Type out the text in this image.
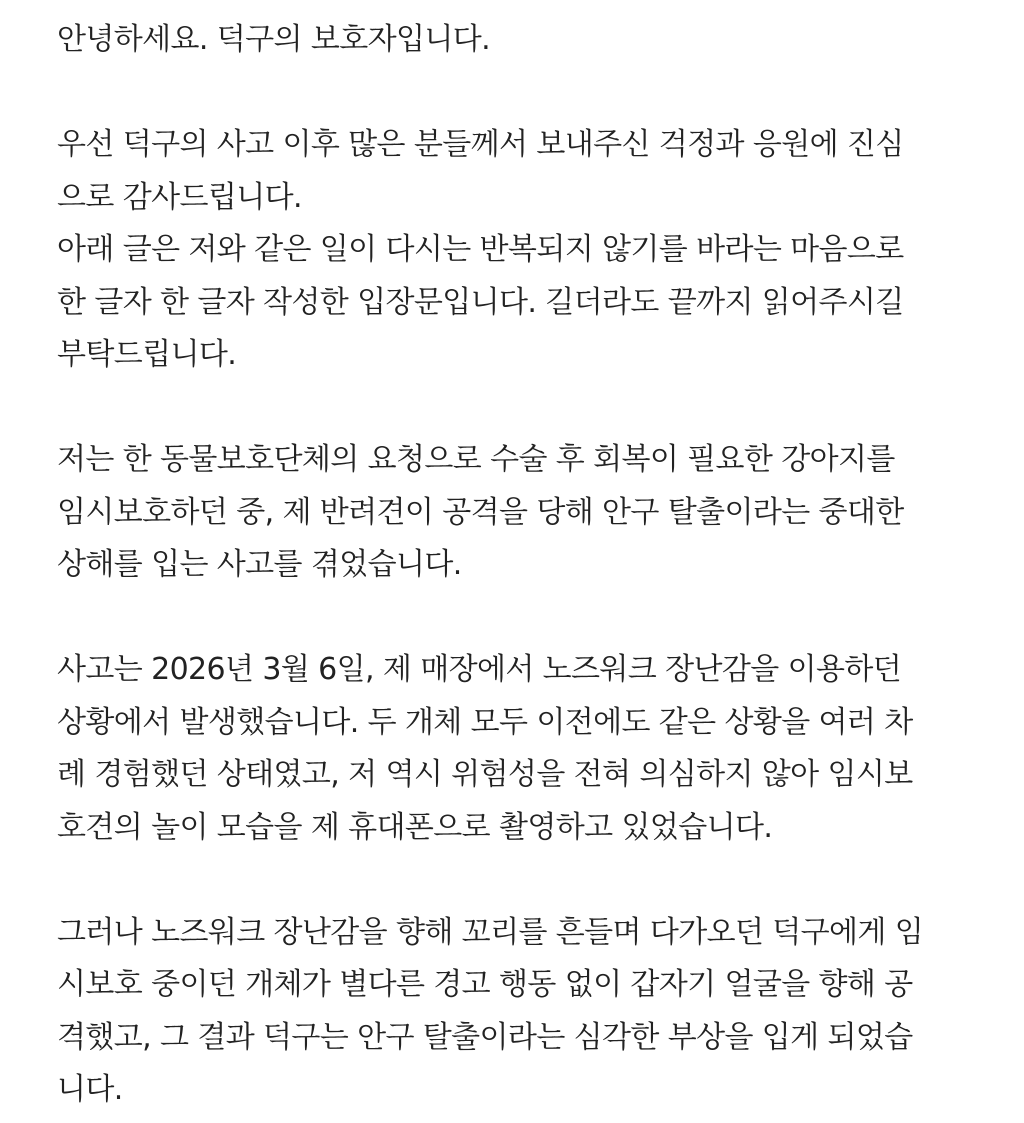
안녕하세요. 덕구의 보호자입니다.
우선 덕구의 사고 이후 많은 분들께서 보내주신 걱정과 응원에 진심
으로 감사드립니다.
아래 글은 저와 같은 일이 다시는 반복되지 않기를 바라는 마음으로
한 글자 한 글자 작성한 입장문입니다. 길더라도 끝까지 읽어주시길
부탁드립니다.
저는 한 동물보호단체의 요청으로 수술 후 회복이 필요한 강아지를
임시보호하던 중, 제 반려견이 공격을 당해 안구 탈출이라는 중대한
상해를 입는 사고를 겪었습니다.
사고는 2026년 3월 6일, 제 매장에서 노즈워크 장난감을 이용하던
상황에서 발생했습니다. 두 개체 모두 이전에도 같은 상황을 여러 차
례 경험했던 상태였고, 저 역시 위험성을 전혀 의심하지 않아 임시보
호견의 놀이 모습을 제 휴대폰으로 촬영하고 있었습니다.
그러나 노즈워크 장난감을 향해 꼬리를 흔들며 다가오던 덕구에게 임
시보호 중이던 개체가 별다른 경고 행동 없이 갑자기 얼굴을 향해 공
격했고, 그 결과 덕구는 안구 탈출이라는 심각한 부상을 입게 되었습
니다.
